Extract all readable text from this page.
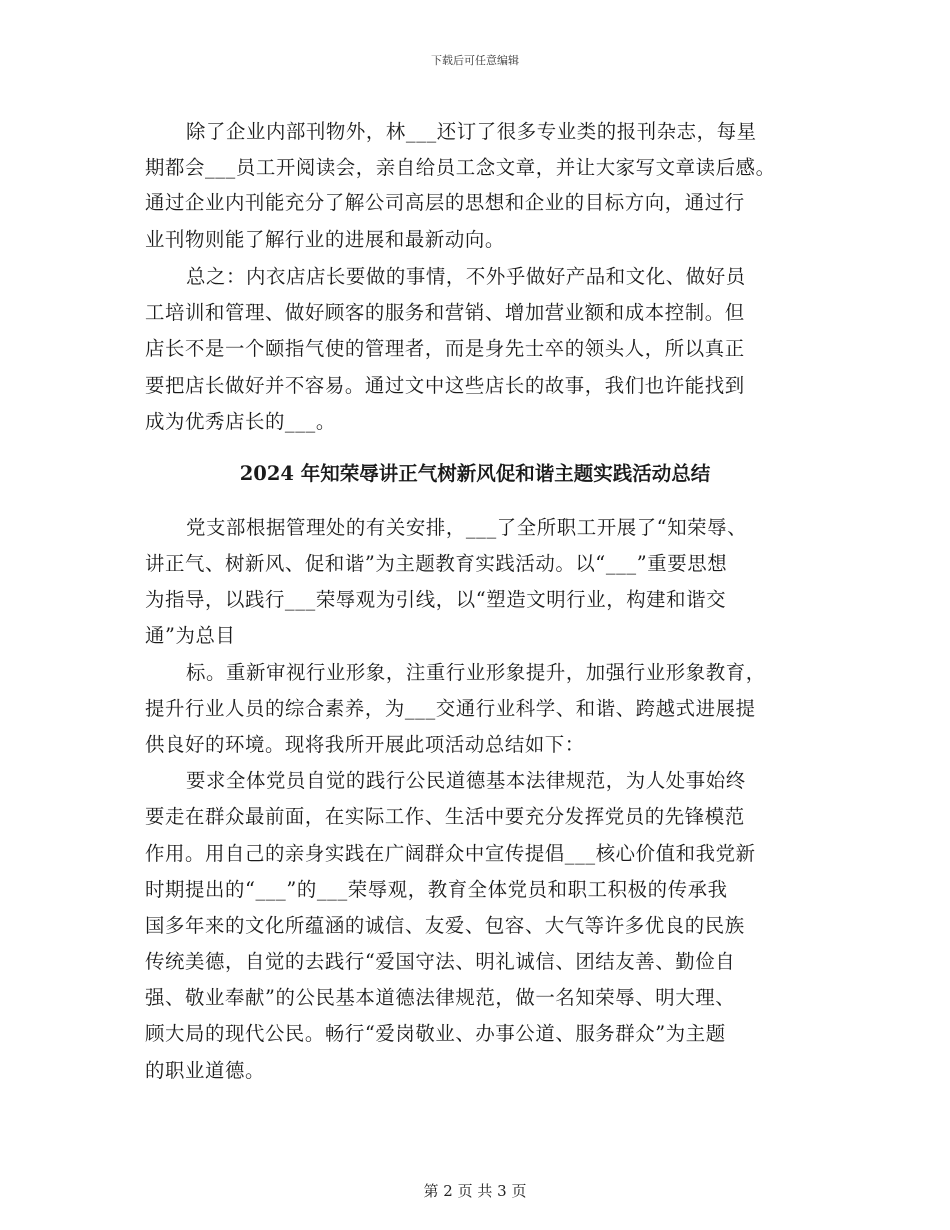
下载后可任意编辑
除了企业内部刊物外，林___还订了很多专业类的报刊杂志，每星
期都会___员工开阅读会，亲自给员工念文章，并让大家写文章读后感。
通过企业内刊能充分了解公司高层的思想和企业的目标方向，通过行
业刊物则能了解行业的进展和最新动向。
总之：内衣店店长要做的事情，不外乎做好产品和文化、做好员
工培训和管理、做好顾客的服务和营销、增加营业额和成本控制。但
店长不是一个颐指气使的管理者，而是身先士卒的领头人，所以真正
要把店长做好并不容易。通过文中这些店长的故事，我们也许能找到
成为优秀店长的___。
2024 年知荣辱讲正气树新风促和谐主题实践活动总结
党支部根据管理处的有关安排，___了全所职工开展了“知荣辱、
讲正气、树新风、促和谐”为主题教育实践活动。以“___”重要思想
为指导，以践行___荣辱观为引线，以“塑造文明行业，构建和谐交
通”为总目
标。重新审视行业形象，注重行业形象提升，加强行业形象教育，
提升行业人员的综合素养，为___交通行业科学、和谐、跨越式进展提
供良好的环境。现将我所开展此项活动总结如下：
要求全体党员自觉的践行公民道德基本法律规范，为人处事始终
要走在群众最前面，在实际工作、生活中要充分发挥党员的先锋模范
作用。用自己的亲身实践在广阔群众中宣传提倡___核心价值和我党新
时期提出的“___”的___荣辱观，教育全体党员和职工积极的传承我
国多年来的文化所蕴涵的诚信、友爱、包容、大气等许多优良的民族
传统美德，自觉的去践行“爱国守法、明礼诚信、团结友善、勤俭自
强、敬业奉献”的公民基本道德法律规范，做一名知荣辱、明大理、
顾大局的现代公民。畅行“爱岗敬业、办事公道、服务群众”为主题
的职业道德。
第 2 页 共 3 页
